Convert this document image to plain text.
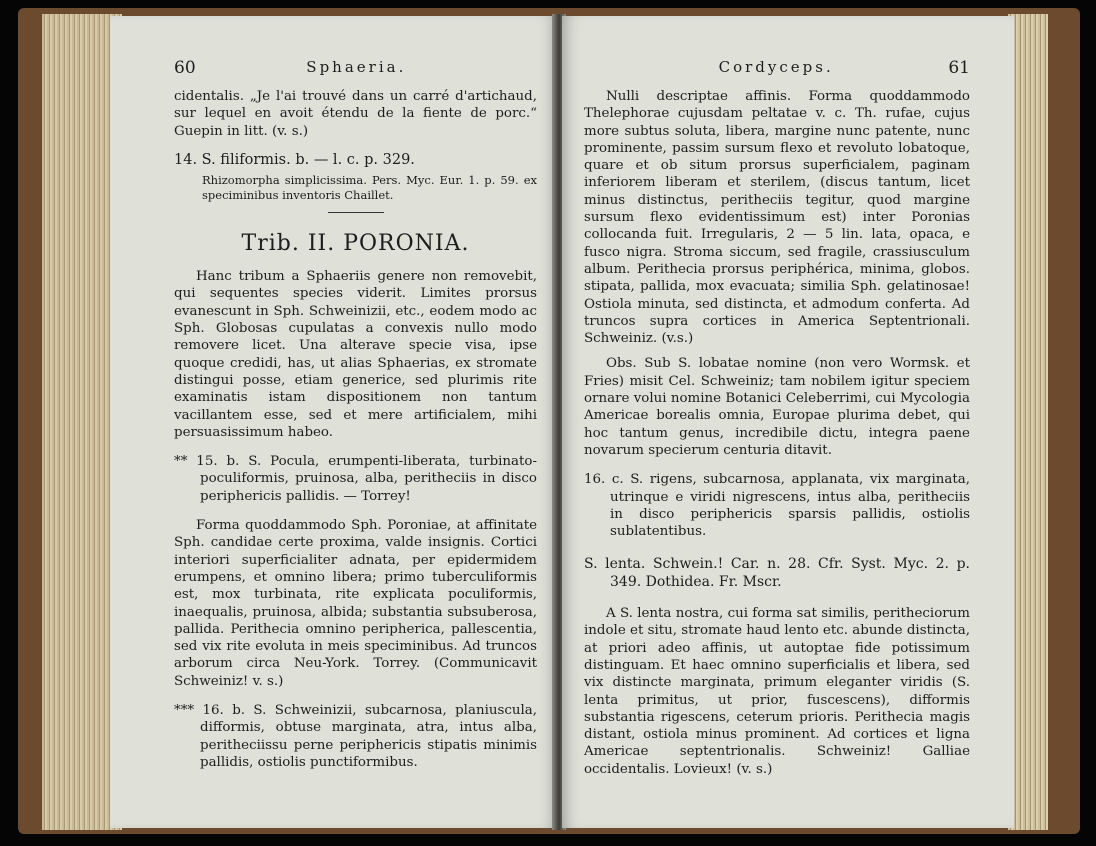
60	Sphaeria.

cidentalis. „Je l'ai trouvé dans un carré d'artichaud, sur lequel en avoit étendu de la fiente de porc.“ Guepin in litt. (v. s.)

14. S. filiformis. b. — l. c. p. 329.

Rhizomorpha simplicissima. Pers. Myc. Eur. 1. p. 59. ex speciminibus inventoris Chaillet.

Trib. II. PORONIA.

Hanc tribum a Sphaeriis genere non removebit, qui sequentes species viderit. Limites prorsus evanescunt in Sph. Schweinizii, etc., eodem modo ac Sph. Globosas cupulatas a convexis nullo modo removere licet. Una alterave specie visa, ipse quoque credidi, has, ut alias Sphaerias, ex stromate distingui posse, etiam generice, sed plurimis rite examinatis istam dispositionem non tantum vacillantem esse, sed et mere artificialem, mihi persuasissimum habeo.

** 15. b. S. Pocula, erumpenti-liberata, turbinato-poculiformis, pruinosa, alba, peritheciis in disco periphericis pallidis. — Torrey!

Forma quoddammodo Sph. Poroniae, at affinitate Sph. candidae certe proxima, valde insignis. Cortici interiori superficialiter adnata, per epidermidem erumpens, et omnino libera; primo tuberculiformis est, mox turbinata, rite explicata poculiformis, inaequalis, pruinosa, albida; substantia subsuberosa, pallida. Perithecia omnino peripherica, pallescentia, sed vix rite evoluta in meis speciminibus. Ad truncos arborum circa Neu-York. Torrey. (Communicavit Schweiniz! v. s.)

*** 16. b. S. Schweinizii, subcarnosa, planiuscula, difformis, obtuse marginata, atra, intus alba, peritheciissu perne periphericis stipatis minimis pallidis, ostiolis punctiformibus.

Cordyceps.	61

Nulli descriptae affinis. Forma quoddammodo Thelephorae cujusdam peltatae v. c. Th. rufae, cujus more subtus soluta, libera, margine nunc patente, nunc prominente, passim sursum flexo et revoluto lobatoque, quare et ob situm prorsus superficialem, paginam inferiorem liberam et sterilem, (discus tantum, licet minus distinctus, peritheciis tegitur, quod margine sursum flexo evidentissimum est) inter Poronias collocanda fuit. Irregularis, 2 — 5 lin. lata, opaca, e fusco nigra. Stroma siccum, sed fragile, crassiusculum album. Perithecia prorsus periphérica, minima, globos. stipata, pallida, mox evacuata; similia Sph. gelatinosae! Ostiola minuta, sed distincta, et admodum conferta. Ad truncos supra cortices in America Septentrionali. Schweiniz. (v.s.)

Obs. Sub S. lobatae nomine (non vero Wormsk. et Fries) misit Cel. Schweiniz; tam nobilem igitur speciem ornare volui nomine Botanici Celeberrimi, cui Mycologia Americae borealis omnia, Europae plurima debet, qui hoc tantum genus, incredibile dictu, integra paene novarum specierum centuria ditavit.

16. c. S. rigens, subcarnosa, applanata, vix marginata, utrinque e viridi nigrescens, intus alba, peritheciis in disco periphericis sparsis pallidis, ostiolis sublatentibus.

S. lenta. Schwein.! Car. n. 28. Cfr. Syst. Myc. 2. p. 349. Dothidea. Fr. Mscr.

A S. lenta nostra, cui forma sat similis, peritheciorum indole et situ, stromate haud lento etc. abunde distincta, at priori adeo affinis, ut autoptae fide potissimum distinguam. Et haec omnino superficialis et libera, sed vix distincte marginata, primum eleganter viridis (S. lenta primitus, ut prior, fuscescens), difformis substantia rigescens, ceterum prioris. Perithecia magis distant, ostiola minus prominent. Ad cortices et ligna Americae septentrionalis. Schweiniz! Galliae occidentalis. Lovieux! (v. s.)
